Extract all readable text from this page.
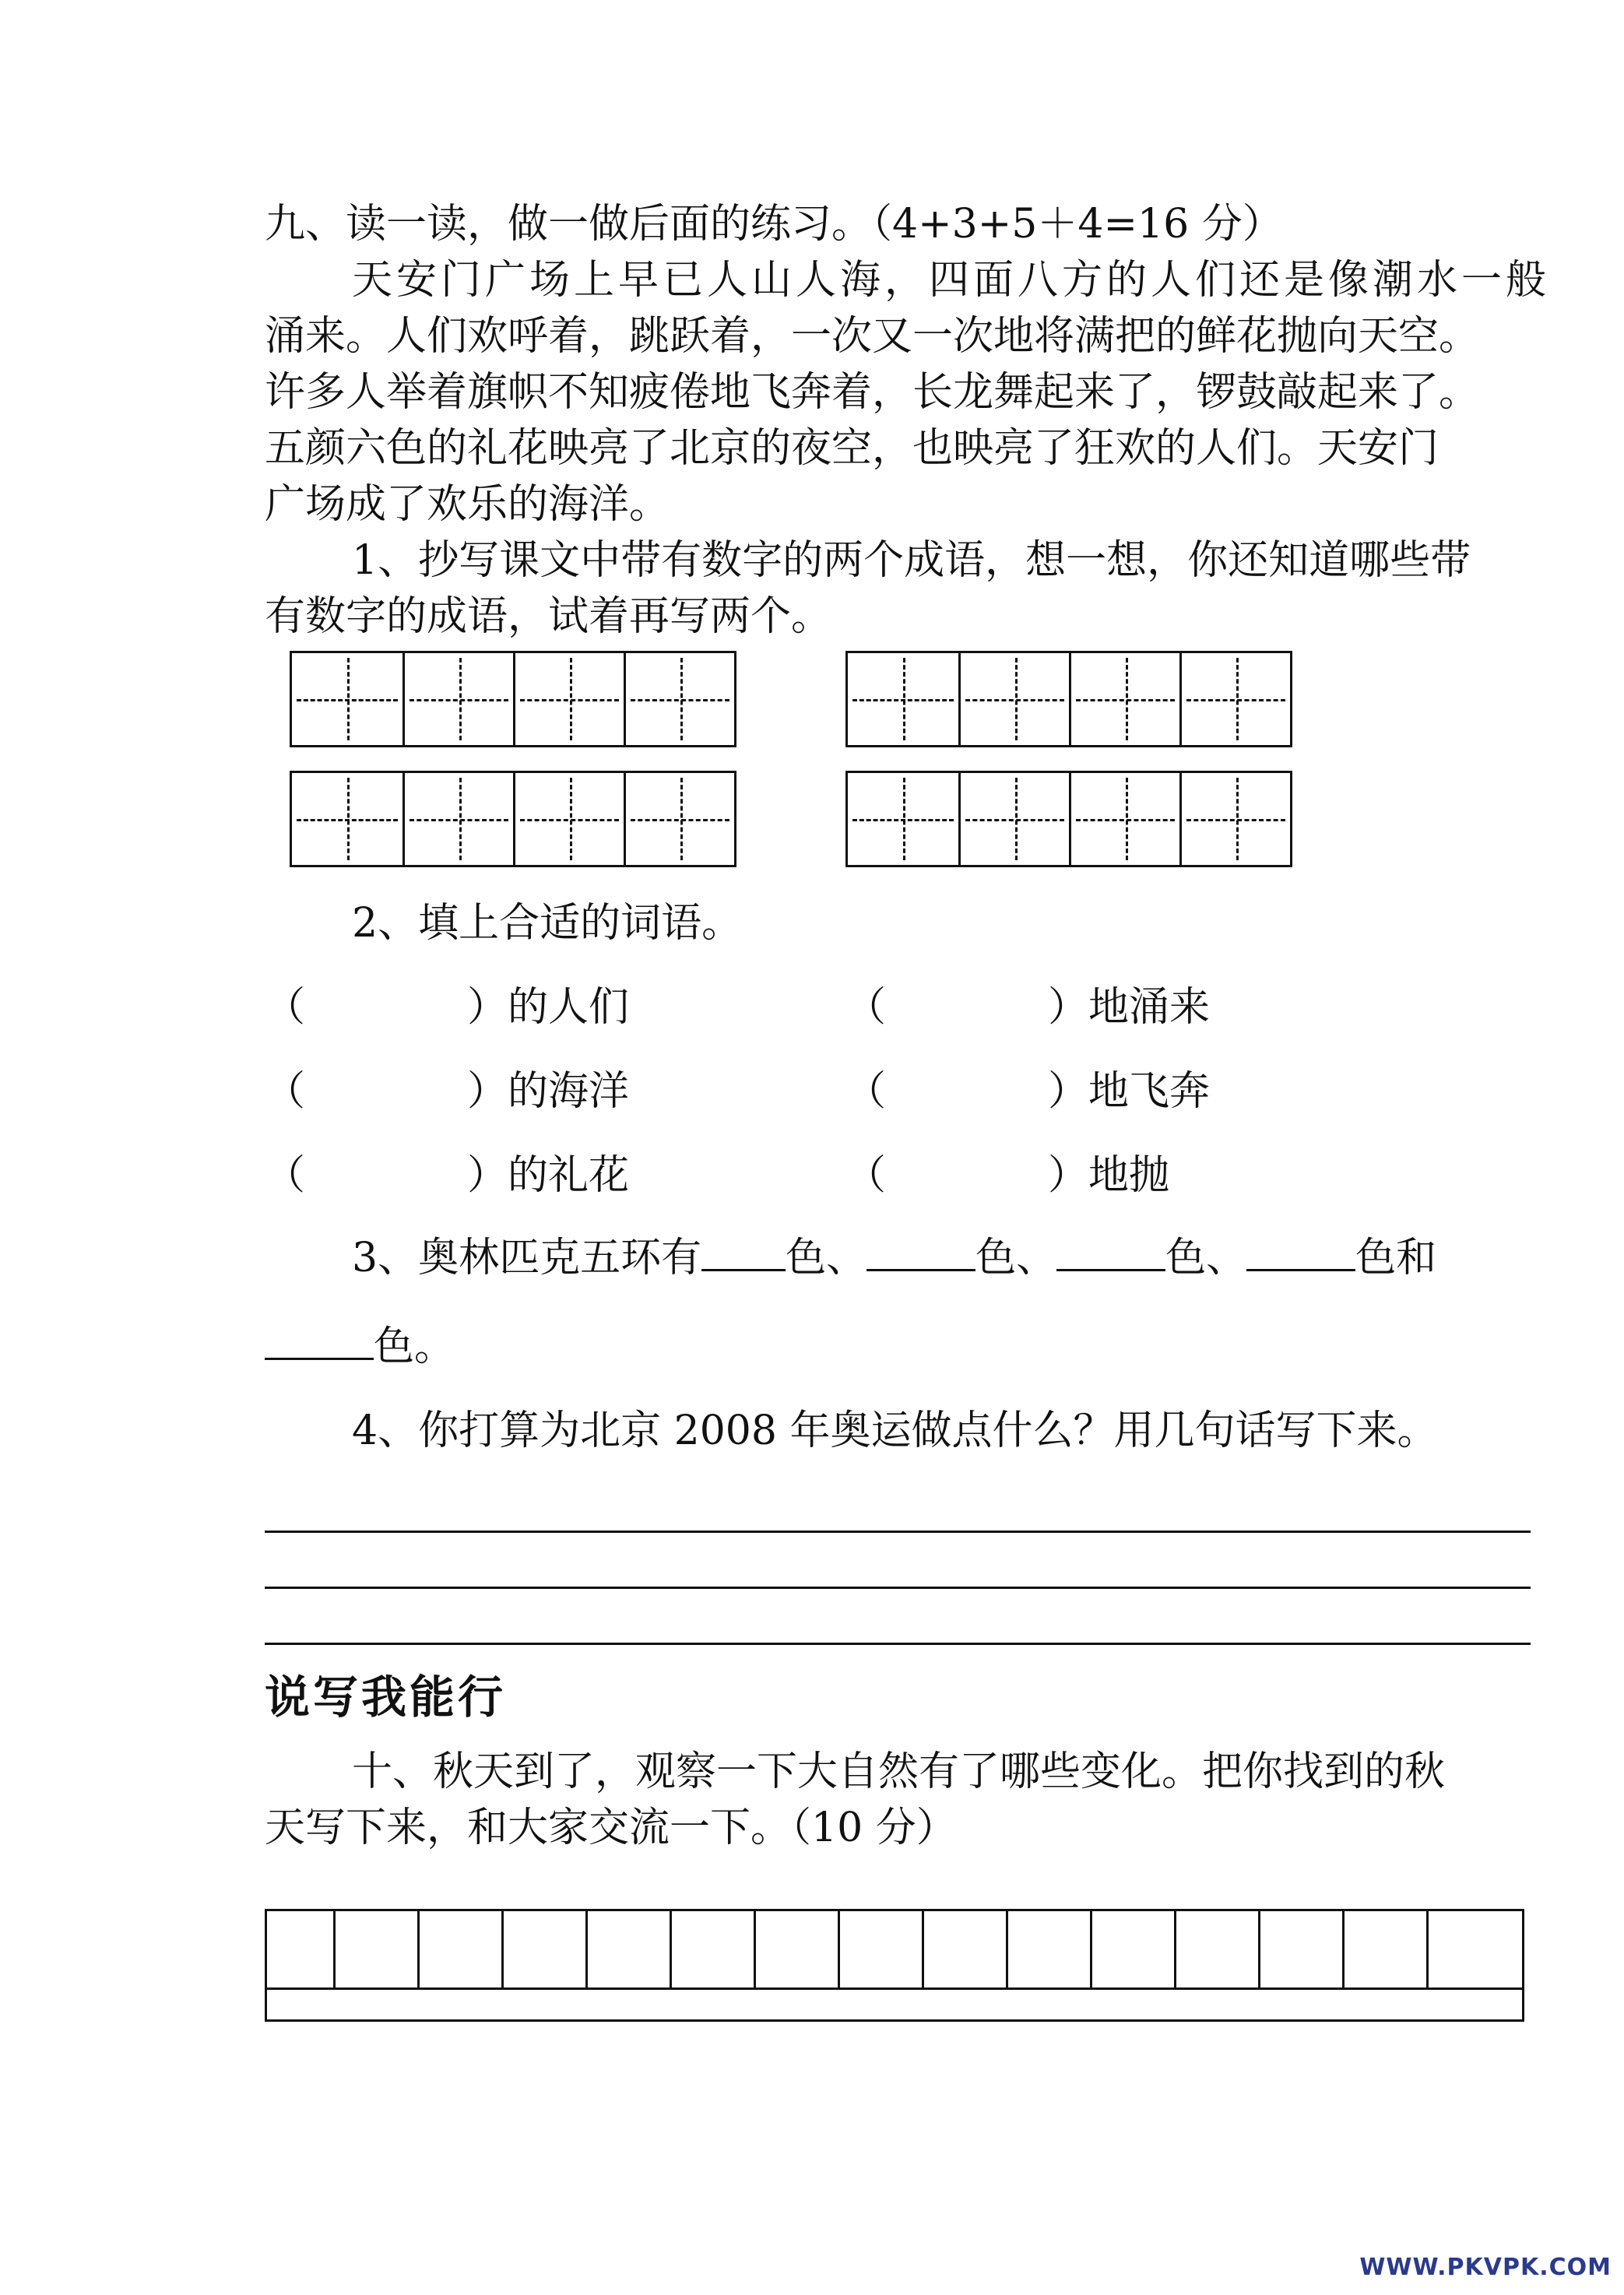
九、读一读，做一做后面的练习。（4+3+5＋4=16 分）
天安门广场上早已人山人海，四面八方的人们还是像潮水一般
涌来。人们欢呼着，跳跃着，一次又一次地将满把的鲜花抛向天空。
许多人举着旗帜不知疲倦地飞奔着，长龙舞起来了，锣鼓敲起来了。
五颜六色的礼花映亮了北京的夜空，也映亮了狂欢的人们。天安门
广场成了欢乐的海洋。
1、抄写课文中带有数字的两个成语，想一想，你还知道哪些带
有数字的成语，试着再写两个。
2、填上合适的词语。
（　　　　）的人们	（　　　　）地涌来
（　　　　）的海洋	（　　　　）地飞奔
（　　　　）的礼花	（　　　　）地抛
3、奥林匹克五环有 色、	色、	色、	色和
色。
4、你打算为北京 2008 年奥运做点什么？用几句话写下来。
说写我能行
十、秋天到了，观察一下大自然有了哪些变化。把你找到的秋
天写下来，和大家交流一下。（10 分）
WWW.PKVPK.COM
